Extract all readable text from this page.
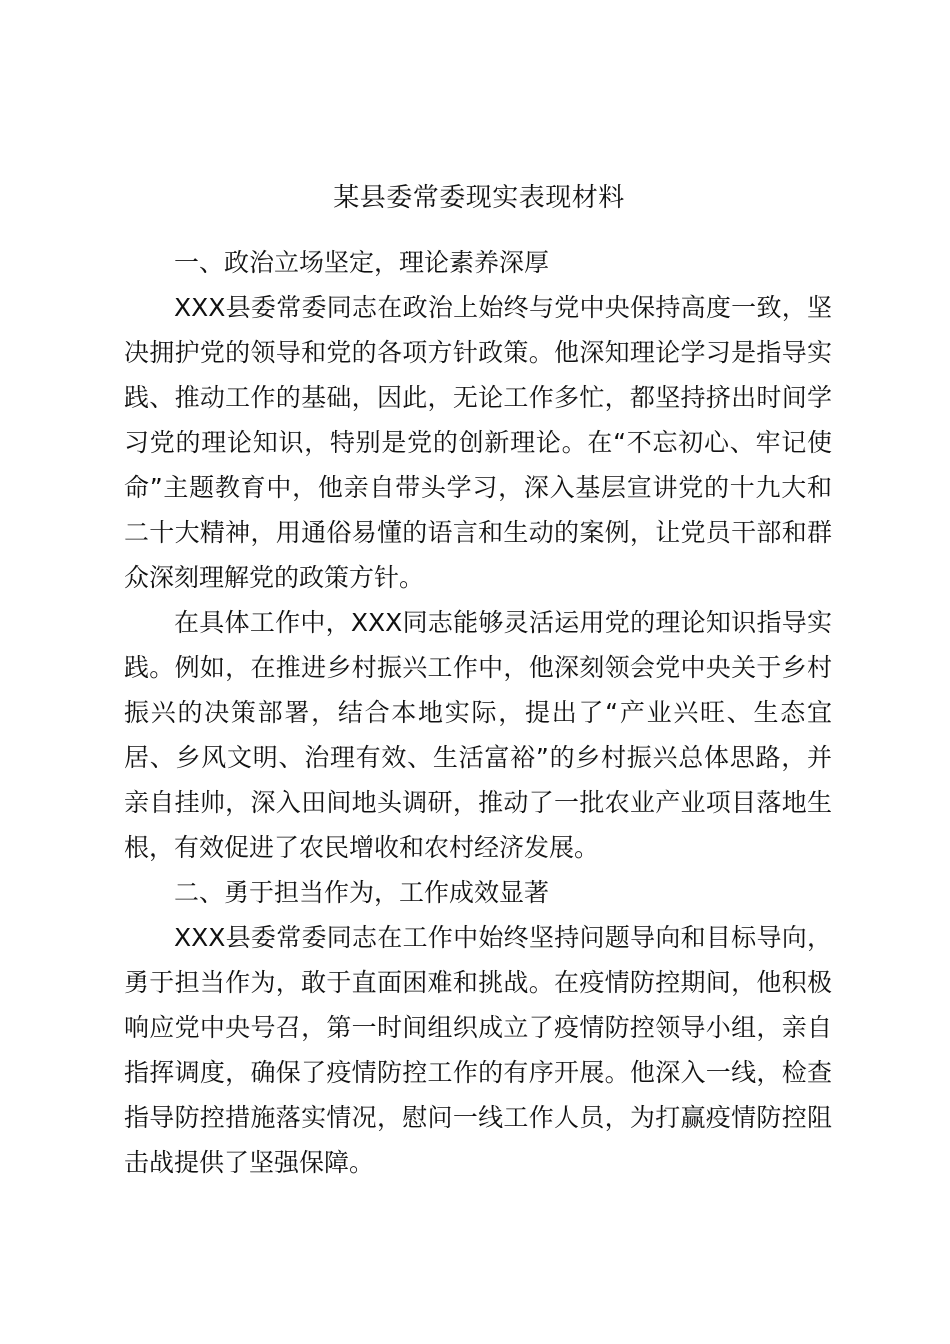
某县委常委现实表现材料

一、政治立场坚定，理论素养深厚

XXX县委常委同志在政治上始终与党中央保持高度一致，坚决拥护党的领导和党的各项方针政策。他深知理论学习是指导实践、推动工作的基础，因此，无论工作多忙，都坚持挤出时间学习党的理论知识，特别是党的创新理论。在“不忘初心、牢记使命”主题教育中，他亲自带头学习，深入基层宣讲党的十九大和二十大精神，用通俗易懂的语言和生动的案例，让党员干部和群众深刻理解党的政策方针。

在具体工作中，XXX同志能够灵活运用党的理论知识指导实践。例如，在推进乡村振兴工作中，他深刻领会党中央关于乡村振兴的决策部署，结合本地实际，提出了“产业兴旺、生态宜居、乡风文明、治理有效、生活富裕”的乡村振兴总体思路，并亲自挂帅，深入田间地头调研，推动了一批农业产业项目落地生根，有效促进了农民增收和农村经济发展。

二、勇于担当作为，工作成效显著

XXX县委常委同志在工作中始终坚持问题导向和目标导向，勇于担当作为，敢于直面困难和挑战。在疫情防控期间，他积极响应党中央号召，第一时间组织成立了疫情防控领导小组，亲自指挥调度，确保了疫情防控工作的有序开展。他深入一线，检查指导防控措施落实情况，慰问一线工作人员，为打赢疫情防控阻击战提供了坚强保障。
